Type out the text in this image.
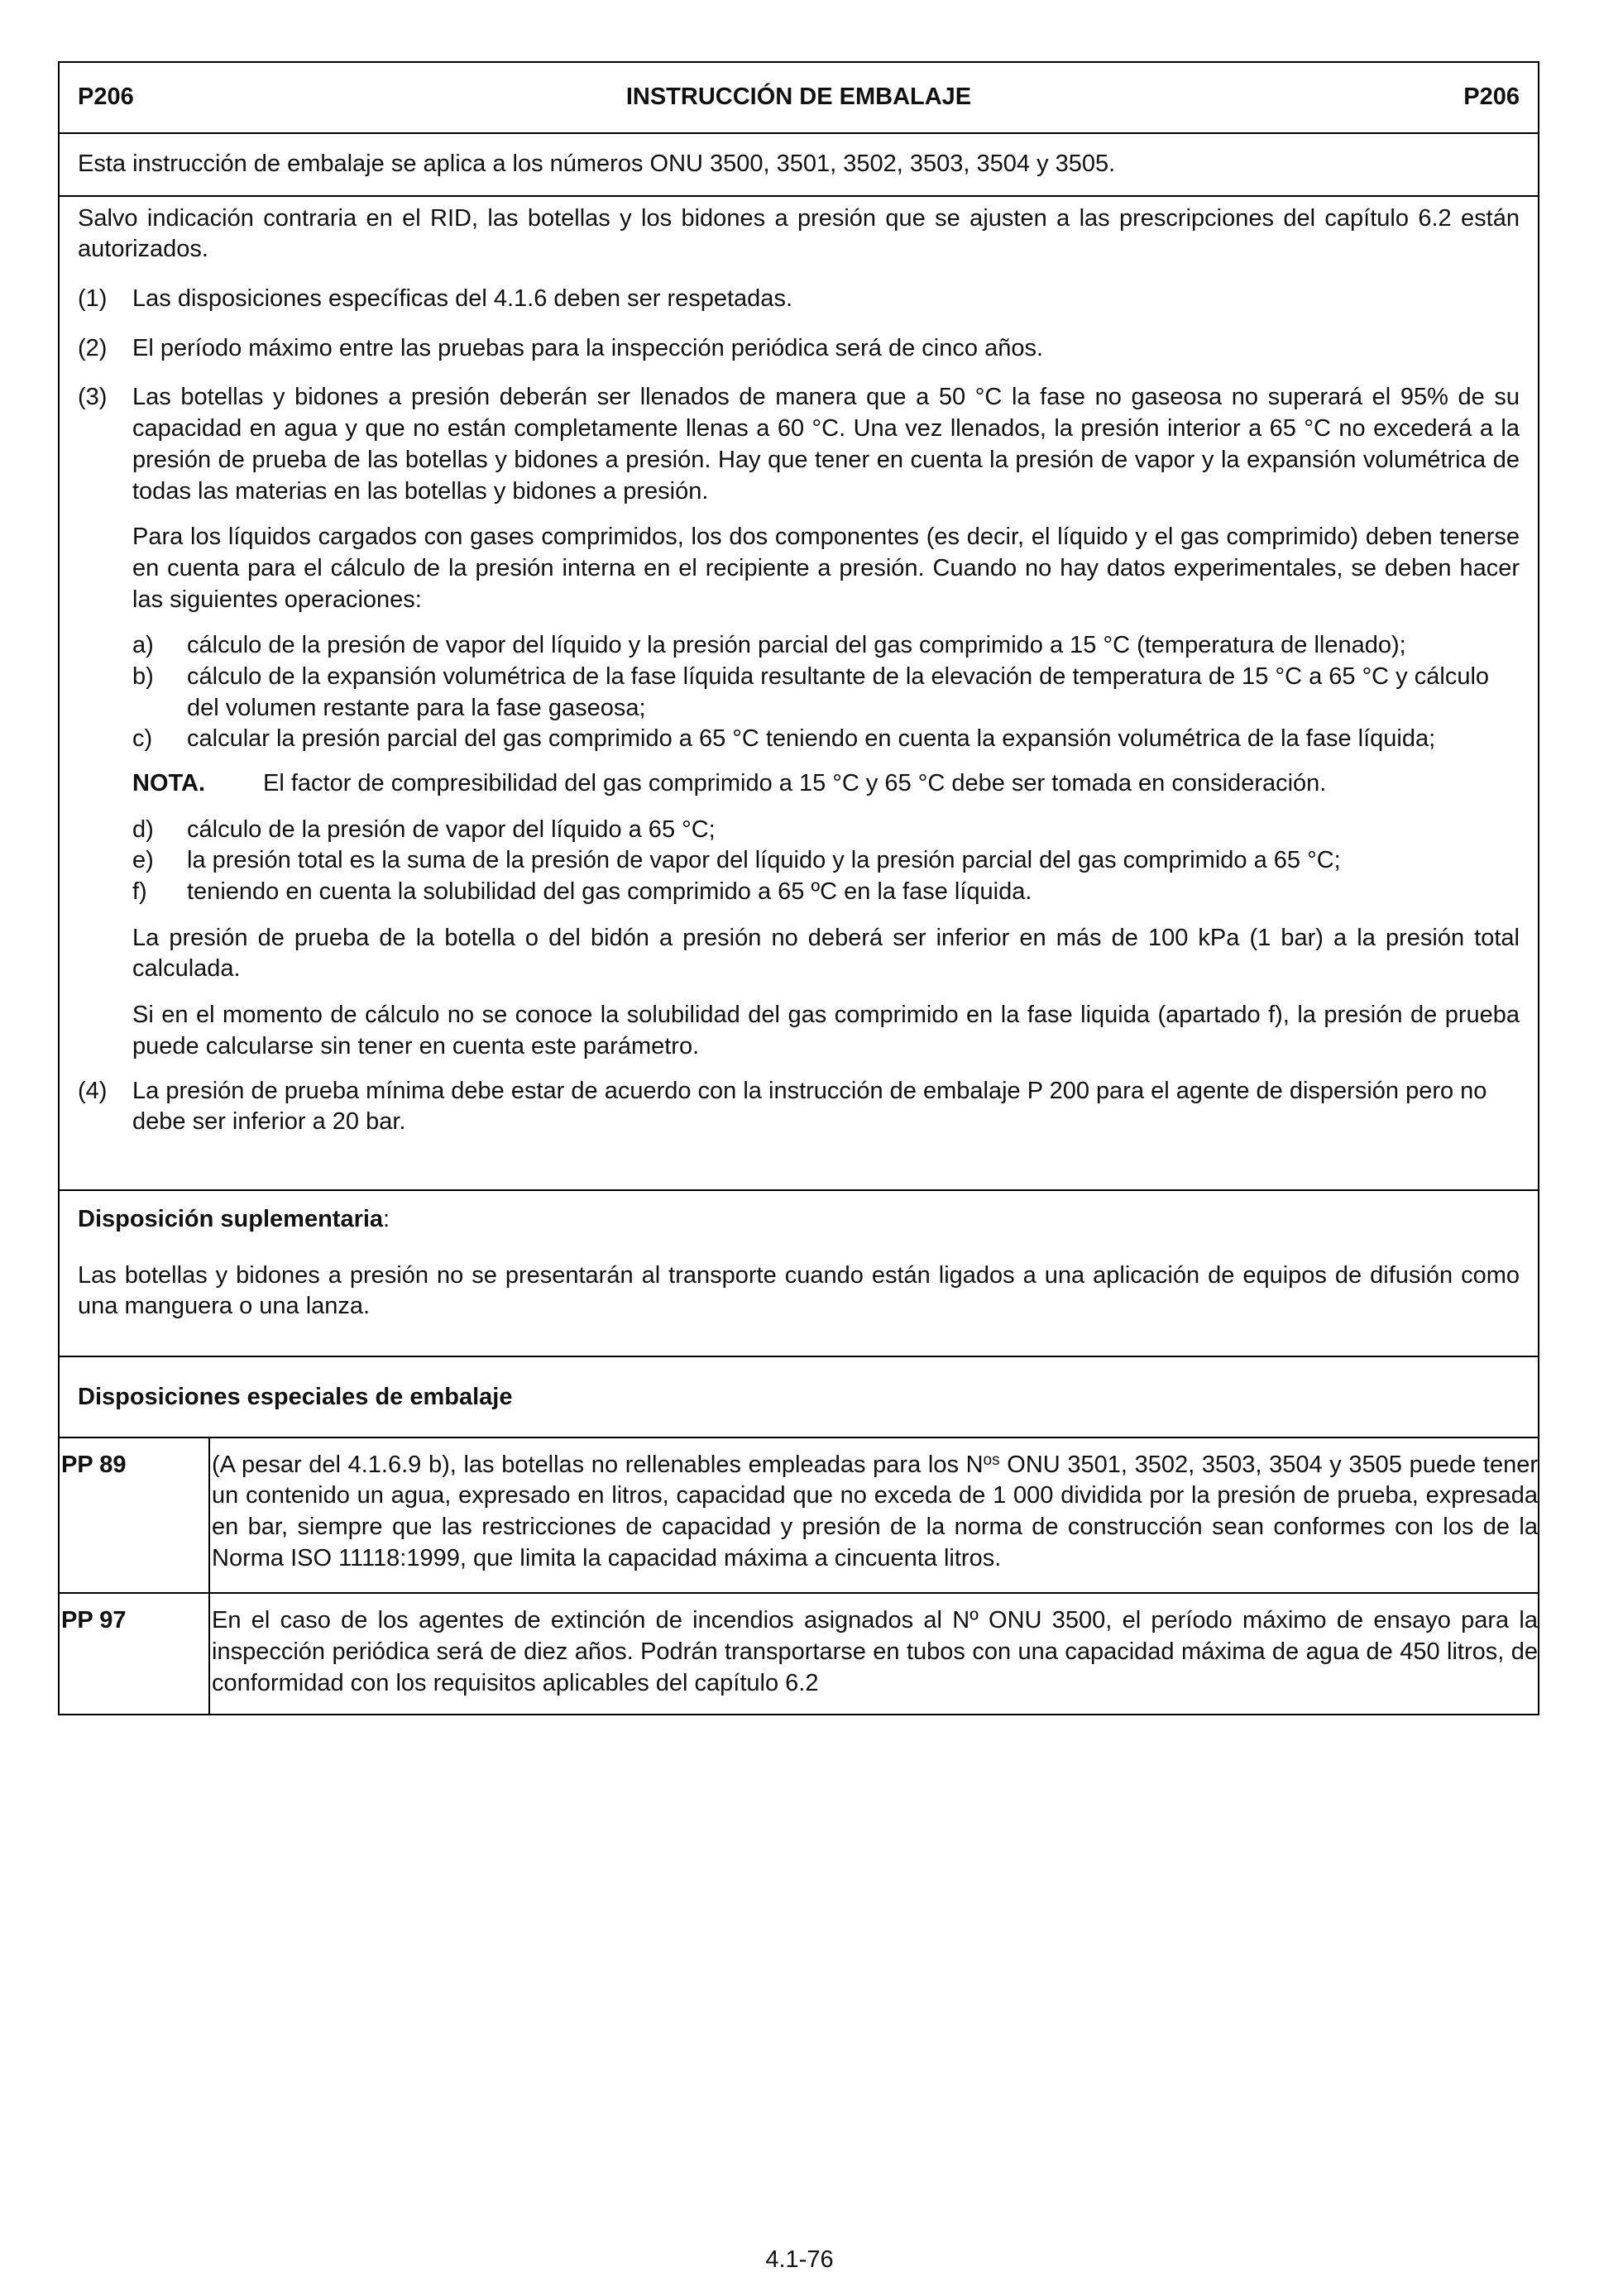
P206	INSTRUCCIÓN DE EMBALAJE	P206

Esta instrucción de embalaje se aplica a los números ONU 3500, 3501, 3502, 3503, 3504 y 3505.

Salvo indicación contraria en el RID, las botellas y los bidones a presión que se ajusten a las prescripciones del capítulo 6.2 están autorizados.

(1)	Las disposiciones específicas del 4.1.6 deben ser respetadas.
(2)	El período máximo entre las pruebas para la inspección periódica será de cinco años.
(3)	Las botellas y bidones a presión deberán ser llenados de manera que a 50 °C la fase no gaseosa no superará el 95% de su capacidad en agua y que no están completamente llenas a 60 °C. Una vez llenados, la presión interior a 65 °C no excederá a la presión de prueba de las botellas y bidones a presión. Hay que tener en cuenta la presión de vapor y la expansión volumétrica de todas las materias en las botellas y bidones a presión.

Para los líquidos cargados con gases comprimidos, los dos componentes (es decir, el líquido y el gas comprimido) deben tenerse en cuenta para el cálculo de la presión interna en el recipiente a presión. Cuando no hay datos experimentales, se deben hacer las siguientes operaciones:

a)	cálculo de la presión de vapor del líquido y la presión parcial del gas comprimido a 15 °C (temperatura de llenado);
b)	cálculo de la expansión volumétrica de la fase líquida resultante de la elevación de temperatura de 15 °C a 65 °C y cálculo del volumen restante para la fase gaseosa;
c)	calcular la presión parcial del gas comprimido a 65 °C teniendo en cuenta la expansión volumétrica de la fase líquida;
NOTA.	El factor de compresibilidad del gas comprimido a 15 °C y 65 °C debe ser tomada en consideración.
d)	cálculo de la presión de vapor del líquido a 65 °C;
e)	la presión total es la suma de la presión de vapor del líquido y la presión parcial del gas comprimido a 65 °C;
f)	teniendo en cuenta la solubilidad del gas comprimido a 65 ºC en la fase líquida.

La presión de prueba de la botella o del bidón a presión no deberá ser inferior en más de 100 kPa (1 bar) a la presión total calculada.

Si en el momento de cálculo no se conoce la solubilidad del gas comprimido en la fase liquida (apartado f), la presión de prueba puede calcularse sin tener en cuenta este parámetro.

(4)	La presión de prueba mínima debe estar de acuerdo con la instrucción de embalaje P 200 para el agente de dispersión pero no debe ser inferior a 20 bar.

Disposición suplementaria:

Las botellas y bidones a presión no se presentarán al transporte cuando están ligados a una aplicación de equipos de difusión como una manguera o una lanza.

Disposiciones especiales de embalaje
PP 89	(A pesar del 4.1.6.9 b), las botellas no rellenables empleadas para los $N^{os}$ ONU 3501, 3502, 3503, 3504 y 3505 puede tener un contenido un agua, expresado en litros, capacidad que no exceda de 1 000 dividida por la presión de prueba, expresada en bar, siempre que las restricciones de capacidad y presión de la norma de construcción sean conformes con los de la Norma ISO 11118:1999, que limita la capacidad máxima a cincuenta litros.
PP 97	En el caso de los agentes de extinción de incendios asignados al Nº ONU 3500, el período máximo de ensayo para la inspección periódica será de diez años. Podrán transportarse en tubos con una capacidad máxima de agua de 450 litros, de conformidad con los requisitos aplicables del capítulo 6.2
4.1-76
